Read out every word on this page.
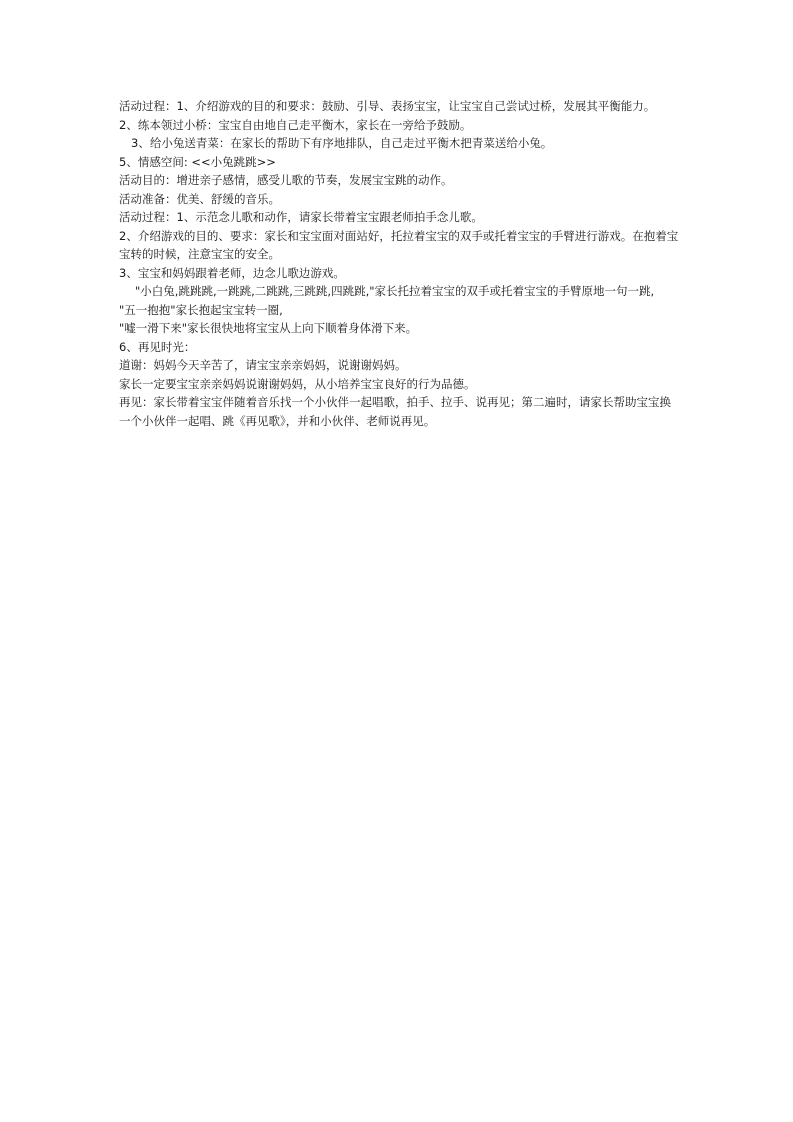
活动过程：1、介绍游戏的目的和要求：鼓励、引导、表扬宝宝，让宝宝自己尝试过桥，发展其平衡能力。
2、练本领过小桥：宝宝自由地自己走平衡木，家长在一旁给予鼓励。
3、给小兔送青菜：在家长的帮助下有序地排队，自己走过平衡木把青菜送给小兔。
5、情感空间: <<小兔跳跳>>
活动目的：增进亲子感情，感受儿歌的节奏，发展宝宝跳的动作。
活动准备：优美、舒缓的音乐。
活动过程：1、示范念儿歌和动作，请家长带着宝宝跟老师拍手念儿歌。
2、介绍游戏的目的、要求：家长和宝宝面对面站好，托拉着宝宝的双手或托着宝宝的手臂进行游戏。在抱着宝宝转的时候，注意宝宝的安全。
3、宝宝和妈妈跟着老师，边念儿歌边游戏。
"小白兔,跳跳跳,一跳跳,二跳跳,三跳跳,四跳跳,"家长托拉着宝宝的双手或托着宝宝的手臂原地一句一跳,
"五一抱抱"家长抱起宝宝转一圈,
"嘘一滑下来"家长很快地将宝宝从上向下顺着身体滑下来。
6、再见时光：
道谢：妈妈今天辛苦了，请宝宝亲亲妈妈，说谢谢妈妈。
家长一定要宝宝亲亲妈妈说谢谢妈妈，从小培养宝宝良好的行为品德。
再见：家长带着宝宝伴随着音乐找一个小伙伴一起唱歌，拍手、拉手、说再见；第二遍时，请家长帮助宝宝换一个小伙伴一起唱、跳《再见歌》，并和小伙伴、老师说再见。
